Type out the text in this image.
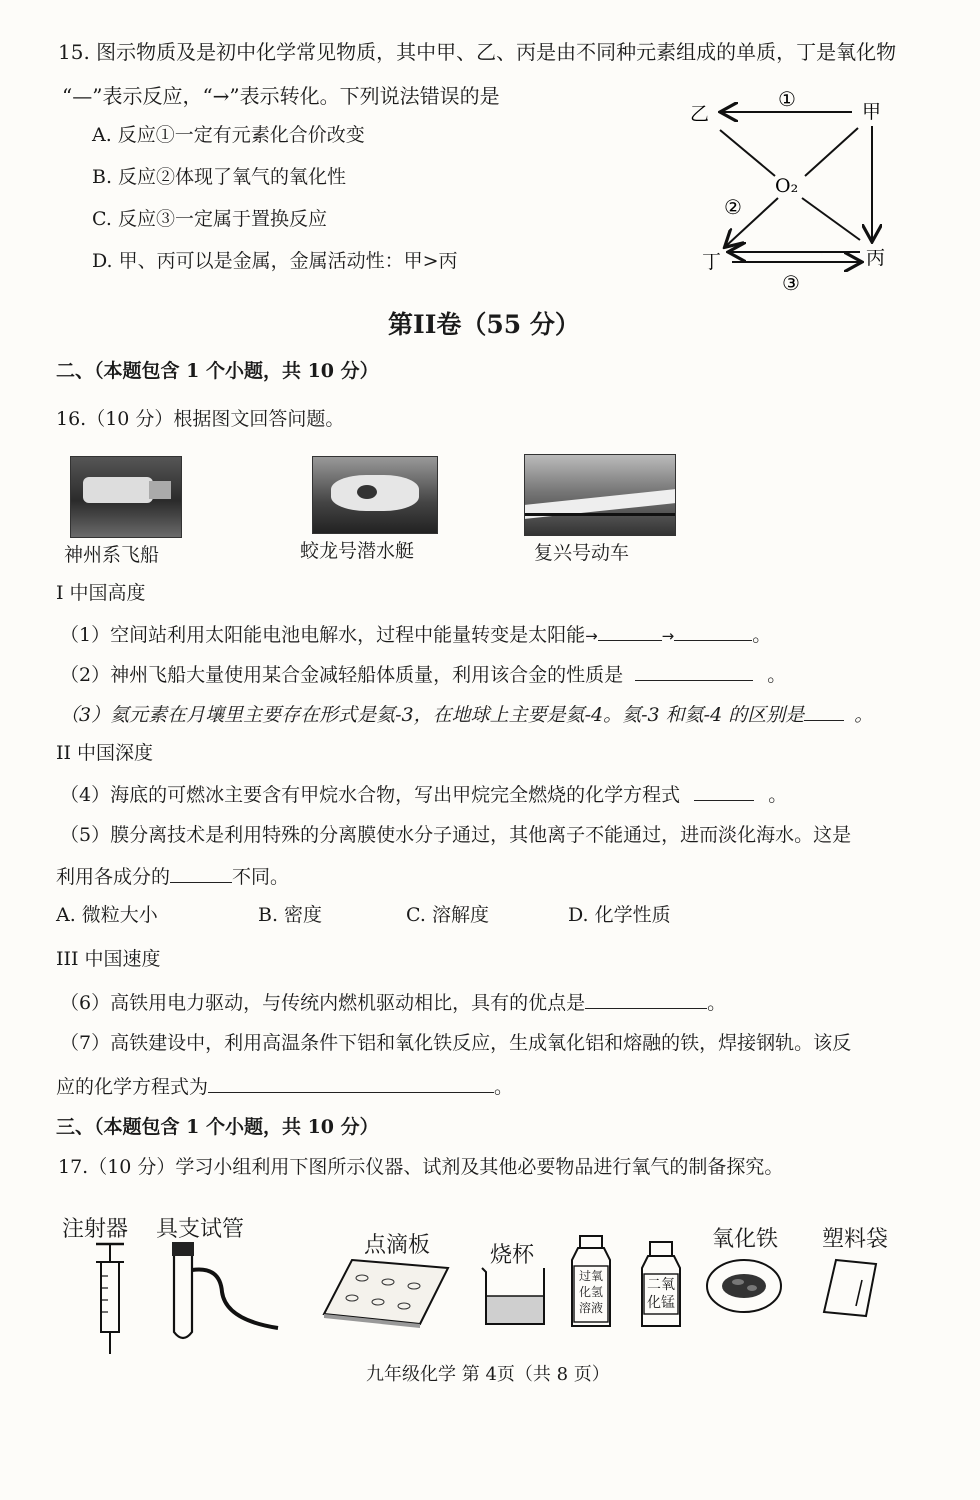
15. 图示物质及是初中化学常见物质，其中甲、乙、丙是由不同种元素组成的单质，丁是氧化物
“—”表示反应，“→”表示转化。下列说法错误的是
A. 反应①一定有元素化合价改变
B. 反应②体现了氧气的氧化性
C. 反应③一定属于置换反应
D. 甲、丙可以是金属，金属活动性：甲>丙
乙	甲
O₂
丁	丙
①
②
③
第II卷（55 分）
二、（本题包含 1 个小题，共 10 分）
16.（10 分）根据图文回答问题。
神州系飞船	蛟龙号潜水艇	复兴号动车
I 中国高度
（1）空间站利用太阳能电池电解水，过程中能量转变是太阳能→	→	。
（2）神州飞船大量使用某合金减轻船体质量，利用该合金的性质是	。
（3）氦元素在月壤里主要存在形式是氦-3，在地球上主要是氦-4。氦-3 和氦-4 的区别是	。
II 中国深度
（4）海底的可燃冰主要含有甲烷水合物，写出甲烷完全燃烧的化学方程式	。
（5）膜分离技术是利用特殊的分离膜使水分子通过，其他离子不能通过，进而淡化海水。这是
利用各成分的	不同。
A. 微粒大小	B. 密度	C. 溶解度	D. 化学性质
III 中国速度
（6）高铁用电力驱动，与传统内燃机驱动相比，具有的优点是	。
（7）高铁建设中，利用高温条件下铝和氧化铁反应，生成氧化铝和熔融的铁，焊接钢轨。该反
应的化学方程式为	。
三、（本题包含 1 个小题，共 10 分）
17.（10 分）学习小组利用下图所示仪器、试剂及其他必要物品进行氧气的制备探究。
注射器 具支试管
点滴板	烧杯
过氧化氢溶液
二氧化锰
氧化铁 塑料袋
九年级化学 第 4页（共 8 页）
